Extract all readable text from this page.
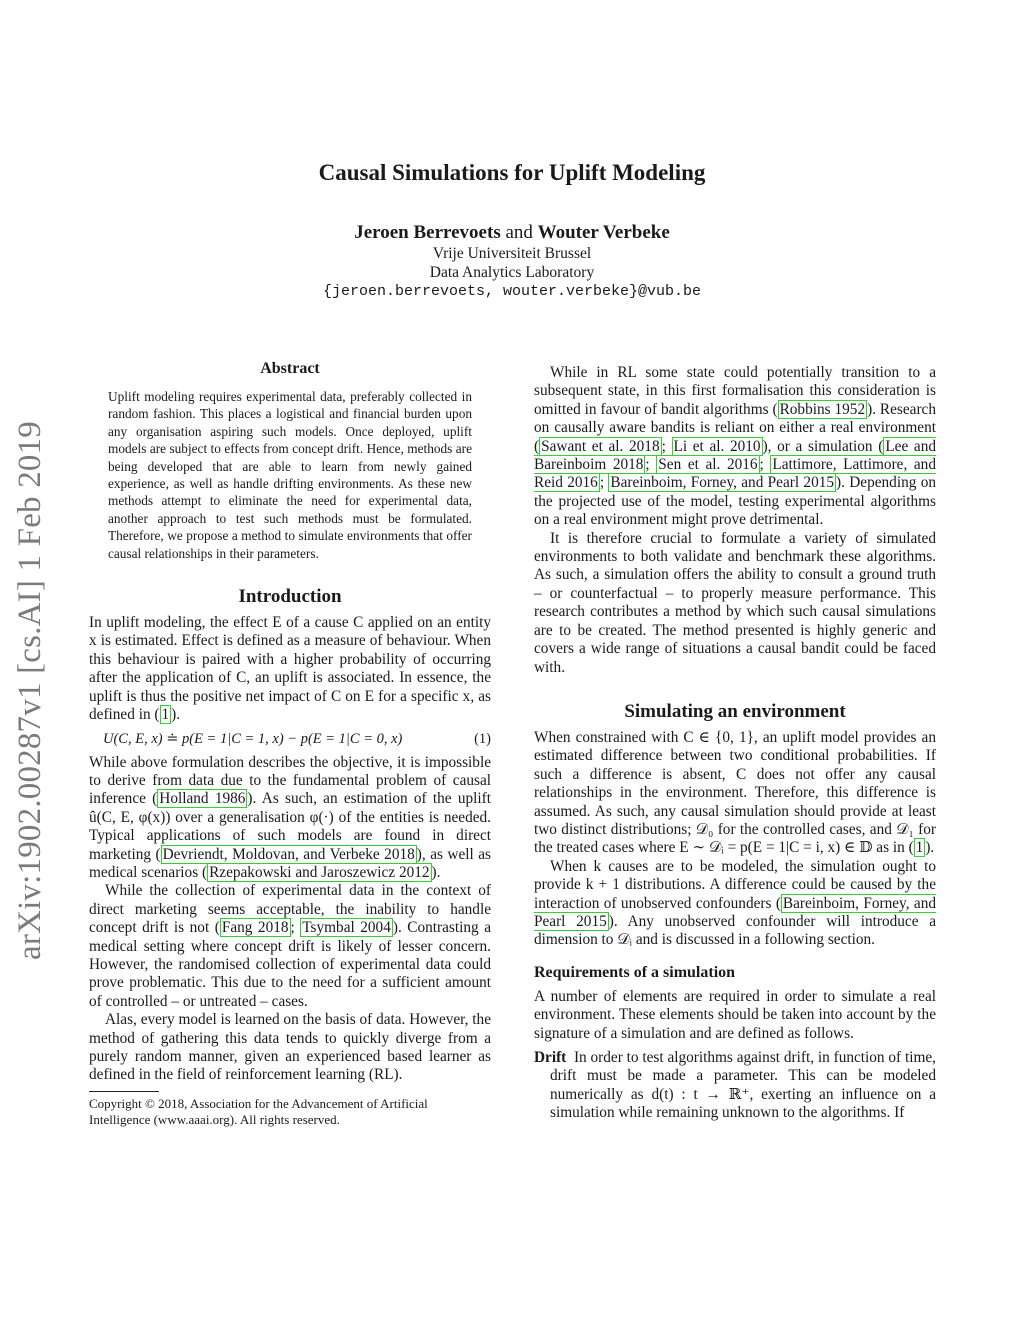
arXiv:1902.00287v1 [cs.AI] 1 Feb 2019
Causal Simulations for Uplift Modeling
Jeroen Berrevoets and Wouter Verbeke
Vrije Universiteit Brussel
Data Analytics Laboratory
{jeroen.berrevoets, wouter.verbeke}@vub.be
Abstract
Uplift modeling requires experimental data, preferably collected in random fashion. This places a logistical and financial burden upon any organisation aspiring such models. Once deployed, uplift models are subject to effects from concept drift. Hence, methods are being developed that are able to learn from newly gained experience, as well as handle drifting environments. As these new methods attempt to eliminate the need for experimental data, another approach to test such methods must be formulated. Therefore, we propose a method to simulate environments that offer causal relationships in their parameters.
Introduction

In uplift modeling, the effect E of a cause C applied on an entity x is estimated. Effect is defined as a measure of behaviour. When this behaviour is paired with a higher probability of occurring after the application of C, an uplift is associated. In essence, the uplift is thus the positive net impact of C on E for a specific x, as defined in ( 1 ).

U(C, E, x) ≐ p(E = 1|C = 1, x) − p(E = 1|C = 0, x)	(1)

While above formulation describes the objective, it is impossible to derive from data due to the fundamental problem of causal inference ( Holland 1986 ). As such, an estimation of the uplift û(C, E, φ(x)) over a generalisation φ(·) of the entities is needed. Typical applications of such models are found in direct marketing ( Devriendt, Moldovan, and Verbeke 2018 ), as well as medical scenarios ( Rzepakowski and Jaroszewicz 2012 ).

While the collection of experimental data in the context of direct marketing seems acceptable, the inability to handle concept drift is not ( Fang 2018 ; Tsymbal 2004 ). Contrasting a medical setting where concept drift is likely of lesser concern. However, the randomised collection of experimental data could prove problematic. This due to the need for a sufficient amount of controlled – or untreated – cases.

Alas, every model is learned on the basis of data. However, the method of gathering this data tends to quickly diverge from a purely random manner, given an experienced based learner as defined in the field of reinforcement learning (RL).

Copyright © 2018, Association for the Advancement of Artificial Intelligence (www.aaai.org). All rights reserved.

While in RL some state could potentially transition to a subsequent state, in this first formalisation this consideration is omitted in favour of bandit algorithms ( Robbins 1952 ). Research on causally aware bandits is reliant on either a real environment ( Sawant et al. 2018 ; Li et al. 2010 ), or a simulation ( Lee and Bareinboim 2018 ; Sen et al. 2016 ; Lattimore, Lattimore, and Reid 2016 ; Bareinboim, Forney, and Pearl 2015 ). Depending on the projected use of the model, testing experimental algorithms on a real environment might prove detrimental.

It is therefore crucial to formulate a variety of simulated environments to both validate and benchmark these algorithms. As such, a simulation offers the ability to consult a ground truth – or counterfactual – to properly measure performance. This research contributes a method by which such causal simulations are to be created. The method presented is highly generic and covers a wide range of situations a causal bandit could be faced with.

Simulating an environment

When constrained with C ∈ {0, 1}, an uplift model provides an estimated difference between two conditional probabilities. If such a difference is absent, C does not offer any causal relationships in the environment. Therefore, this difference is assumed. As such, any causal simulation should provide at least two distinct distributions; 𝒟₀ for the controlled cases, and 𝒟₁ for the treated cases where E ∼ 𝒟ᵢ = p(E = 1|C = i, x) ∈ 𝔻 as in ( 1 ).

When k causes are to be modeled, the simulation ought to provide k + 1 distributions. A difference could be caused by the interaction of unobserved confounders ( Bareinboim, Forney, and Pearl 2015 ). Any unobserved confounder will introduce a dimension to 𝒟ᵢ and is discussed in a following section.

Requirements of a simulation

A number of elements are required in order to simulate a real environment. These elements should be taken into account by the signature of a simulation and are defined as follows.

Drift In order to test algorithms against drift, in function of time, drift must be made a parameter. This can be modeled numerically as d(t) : t → ℝ⁺, exerting an influence on a simulation while remaining unknown to the algorithms. If
